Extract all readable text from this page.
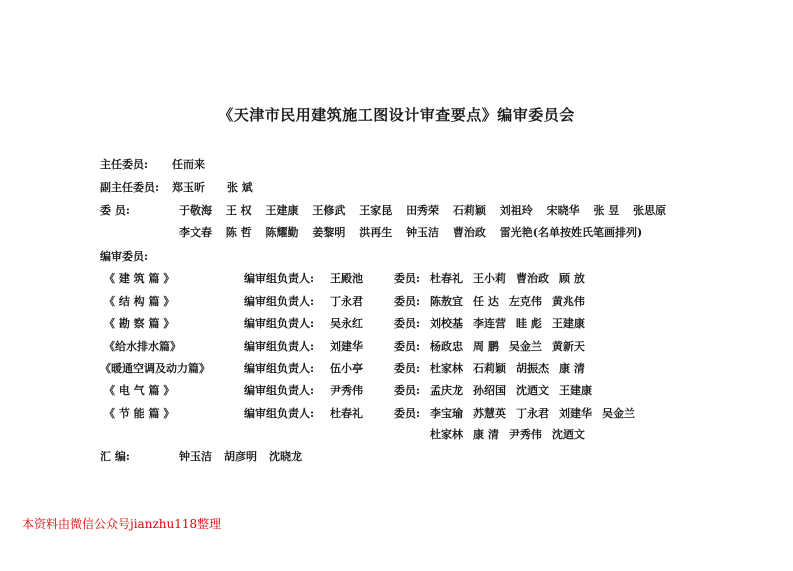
《天津市民用建筑施工图设计审查要点》编审委员会
主任委员: 任而来
副主任委员: 郑玉昕 张 斌
委 员:	于敬海 王 权 王建康 王修武 王家昆 田秀荣 石莉颖 刘祖玲 宋晓华 张 昱 张思原
李文春 陈 哲 陈耀勤 姜黎明 洪再生 钟玉洁 曹治政 雷光艳(名单按姓氏笔画排列)
编审委员:
《 建 筑 篇 》	编审组负责人: 王殿池	委员: 杜春礼 王小莉 曹治政 顾 放
《 结 构 篇 》	编审组负责人: 丁永君	委员: 陈敖宜 任 达 左克伟 黄兆伟
《 勘 察 篇 》	编审组负责人: 吴永红	委员: 刘校基 李连营 眭 彪 王建康
《给水排水篇》	编审组负责人: 刘建华	委员: 杨政忠 周 鹏 吴金兰 黄新天
《暖通空调及动力篇》	编审组负责人: 伍小亭	委员: 杜家林 石莉颖 胡振杰 康 清
《 电 气 篇 》	编审组负责人: 尹秀伟	委员: 孟庆龙 孙绍国 沈迺文 王建康
《 节 能 篇 》	编审组负责人: 杜春礼	委员: 李宝瑜 苏慧英 丁永君 刘建华 吴金兰
杜家林 康 清 尹秀伟 沈迺文
汇 编:	钟玉洁 胡彦明 沈晓龙
本资料由微信公众号jianzhu118整理
